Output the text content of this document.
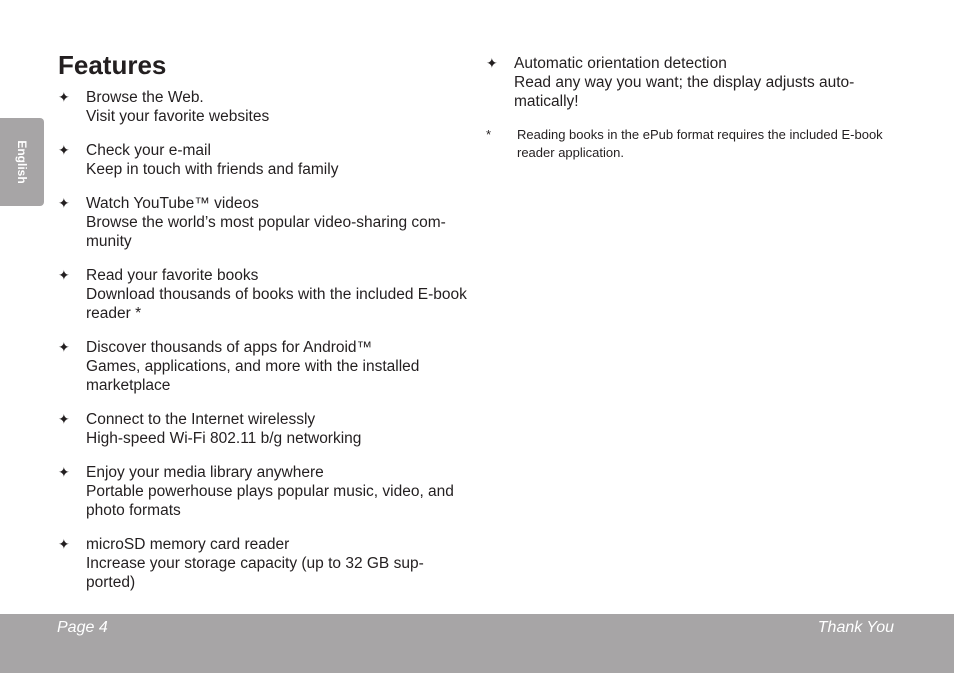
English
Features
✦ Browse the Web.
Visit your favorite websites
✦ Check your e-mail
Keep in touch with friends and family
✦ Watch YouTube™ videos
Browse the world’s most popular video-sharing com-munity
✦ Read your favorite books
Download thousands of books with the included E-book reader *
✦ Discover thousands of apps for Android™
Games, applications, and more with the installed marketplace
✦ Connect to the Internet wirelessly
High-speed Wi-Fi 802.11 b/g networking
✦ Enjoy your media library anywhere
Portable powerhouse plays popular music, video, and photo formats
✦ microSD memory card reader
Increase your storage capacity (up to 32 GB sup-ported)
✦ Automatic orientation detection
Read any way you want; the display adjusts auto-matically!
* Reading books in the ePub format requires the included E-book reader application.
Page 4	Thank You
